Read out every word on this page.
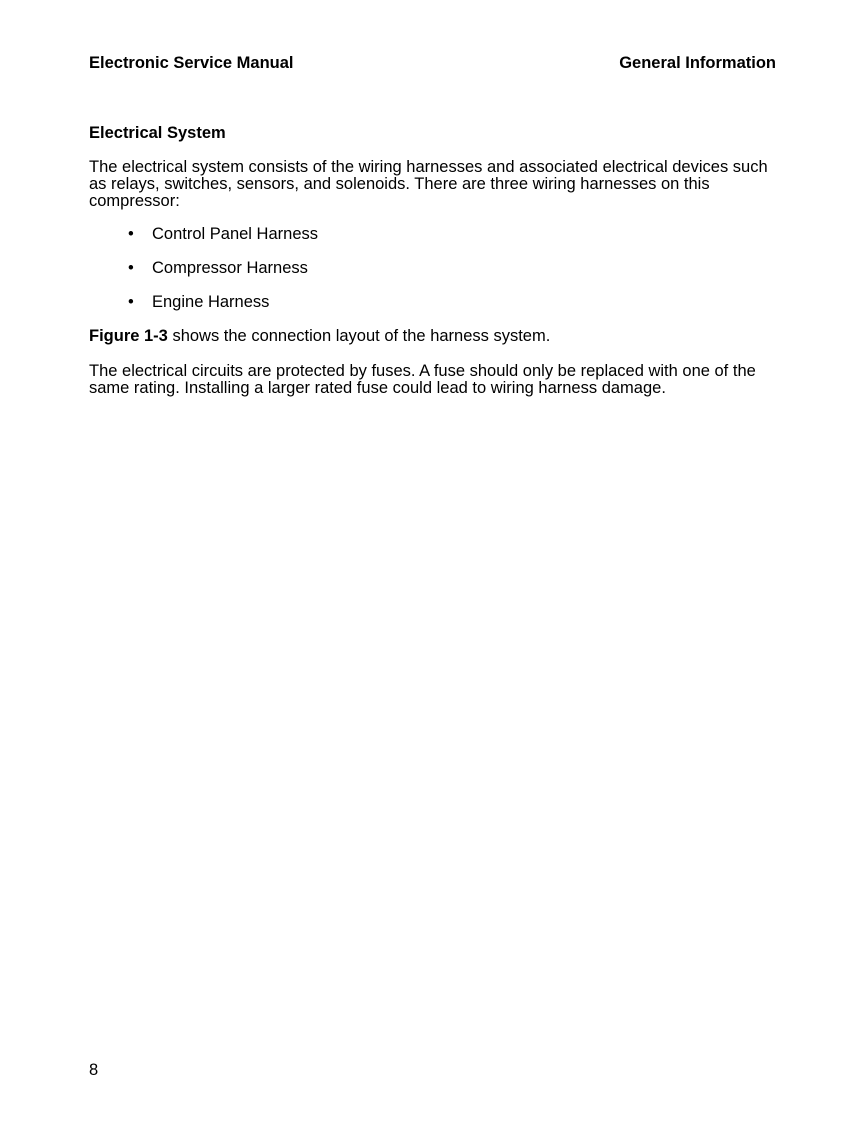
Electronic Service Manual	General Information
Electrical System
The electrical system consists of the wiring harnesses and associated electrical devices such as relays, switches, sensors, and solenoids. There are three wiring harnesses on this compressor:
• Control Panel Harness
• Compressor Harness
• Engine Harness
Figure 1-3 shows the connection layout of the harness system.
The electrical circuits are protected by fuses. A fuse should only be replaced with one of the same rating. Installing a larger rated fuse could lead to wiring harness damage.
8
